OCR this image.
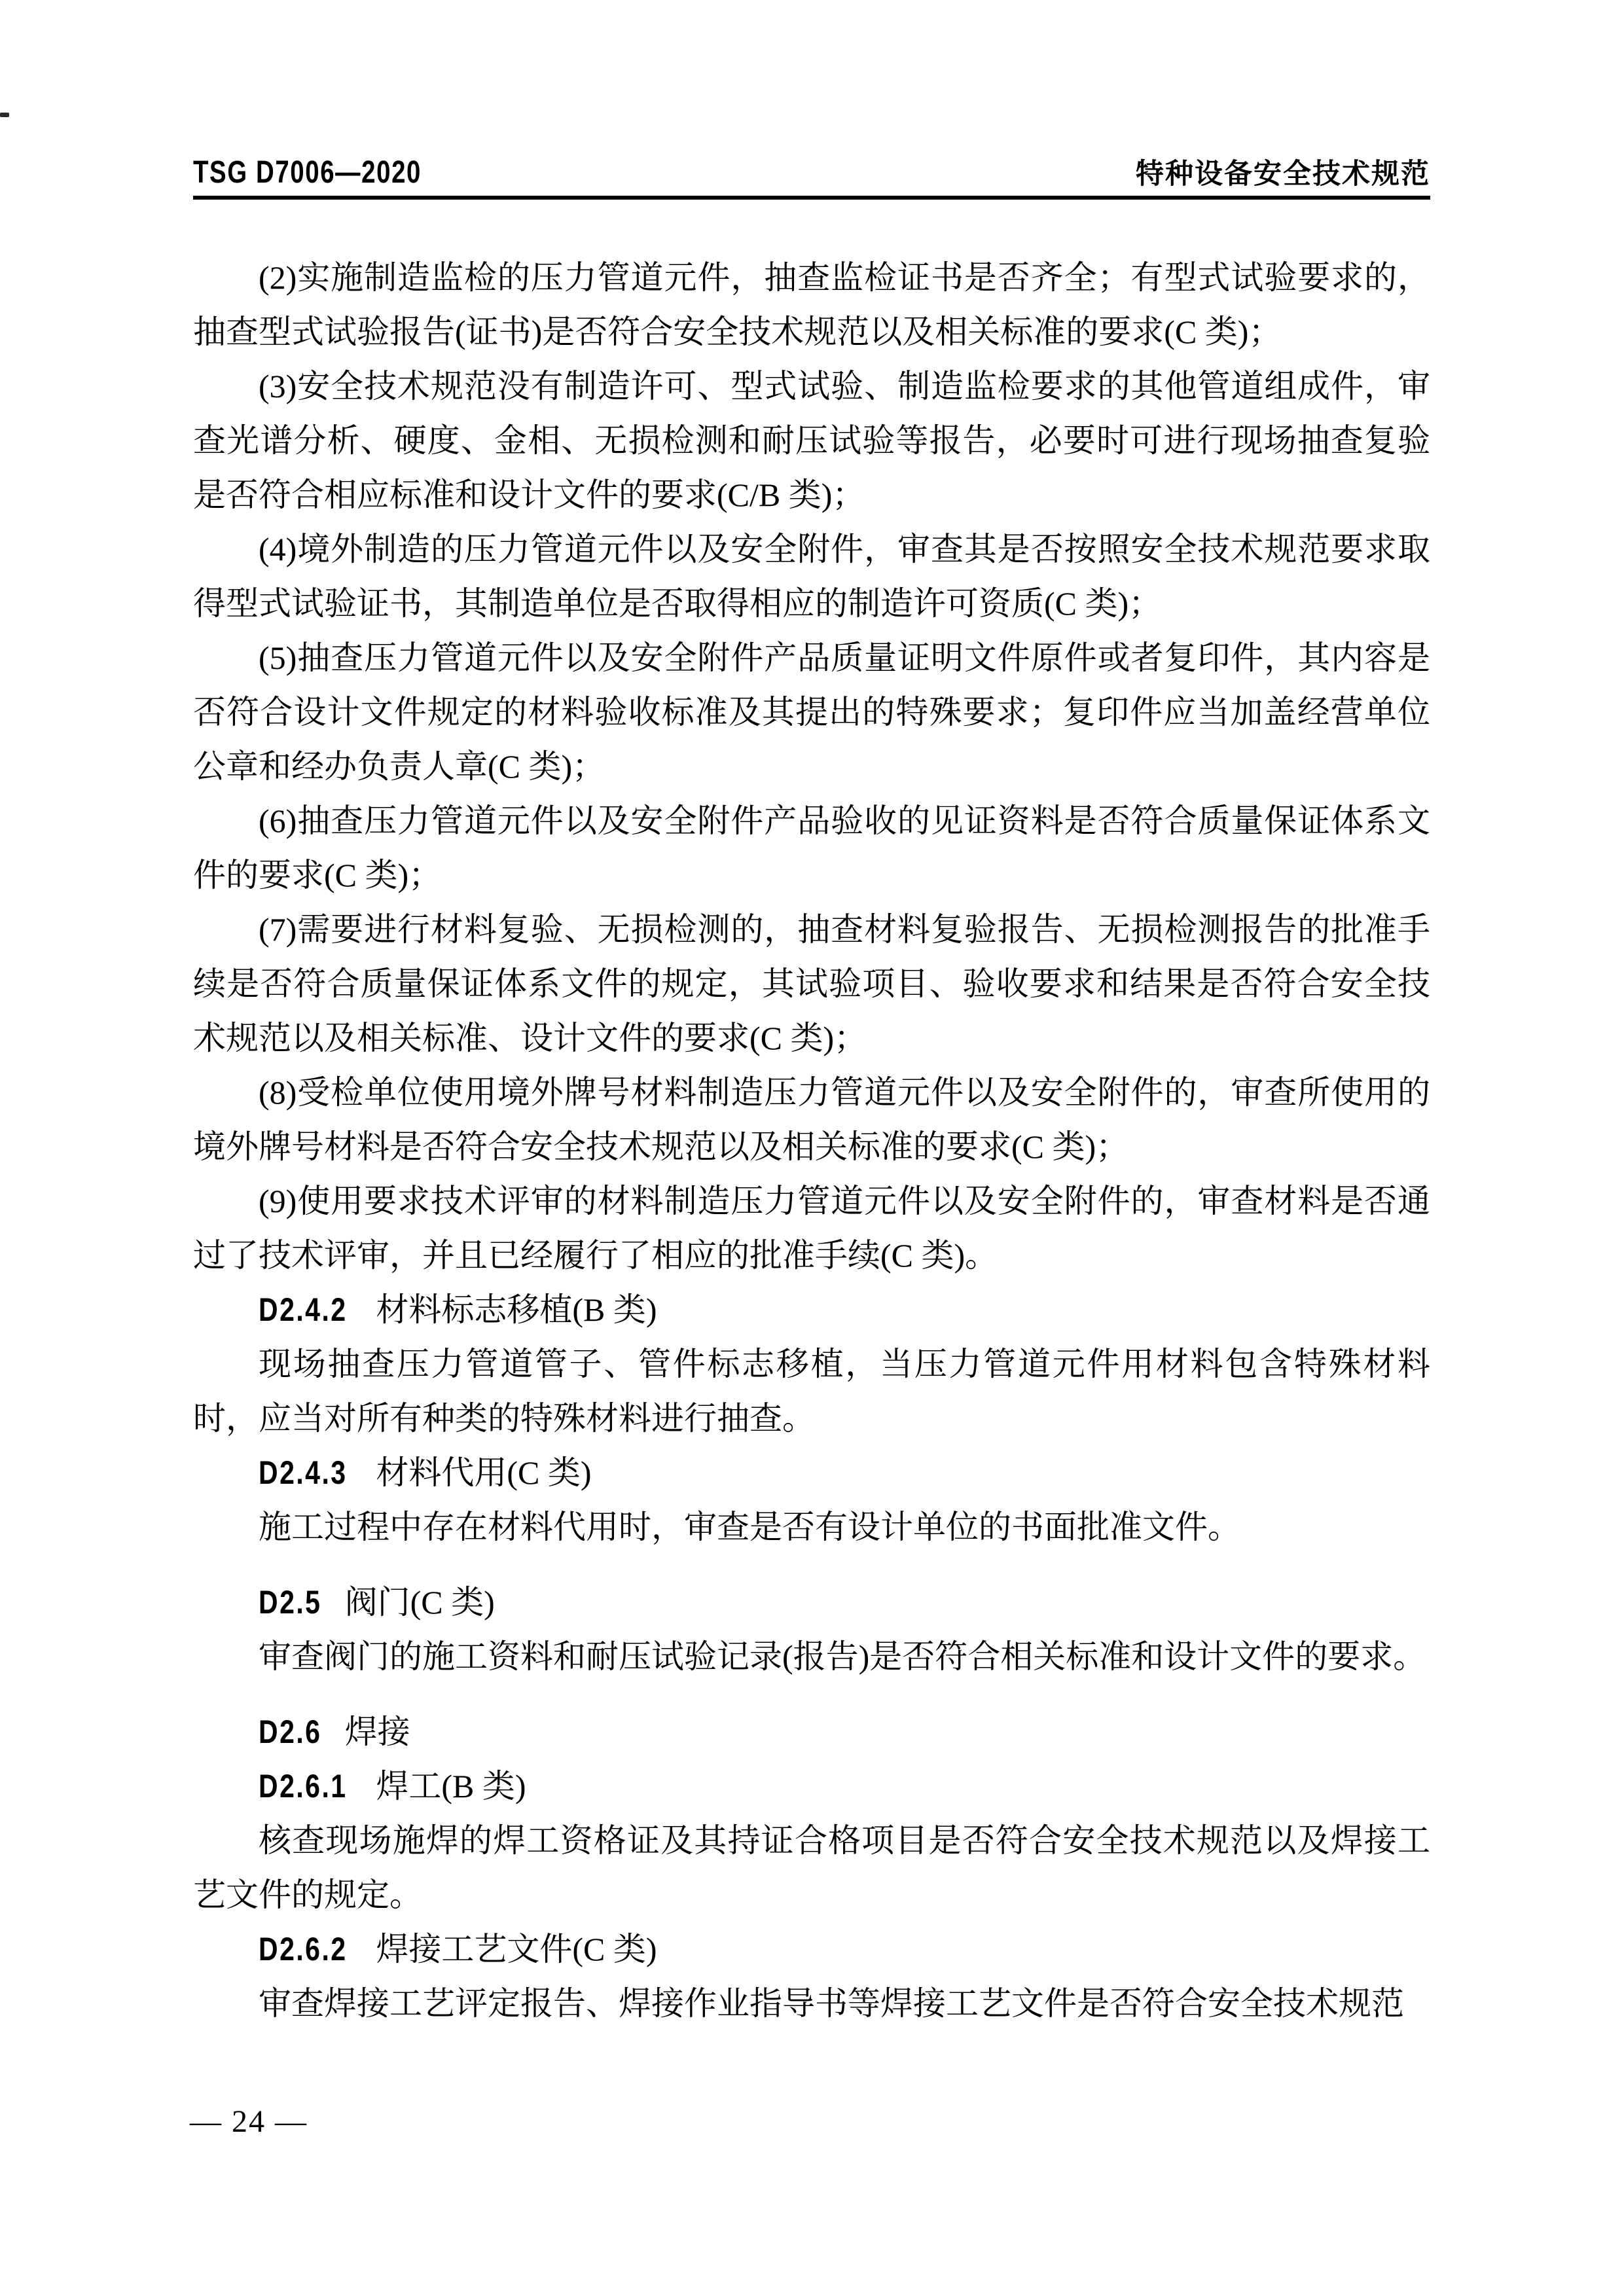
TSG D7006—2020	特种设备安全技术规范

(2)实施制造监检的压力管道元件，抽查监检证书是否齐全；有型式试验要求的，抽查型式试验报告(证书)是否符合安全技术规范以及相关标准的要求(C 类)；

(3)安全技术规范没有制造许可、型式试验、制造监检要求的其他管道组成件，审查光谱分析、硬度、金相、无损检测和耐压试验等报告，必要时可进行现场抽查复验是否符合相应标准和设计文件的要求(C/B 类)；

(4)境外制造的压力管道元件以及安全附件，审查其是否按照安全技术规范要求取得型式试验证书，其制造单位是否取得相应的制造许可资质(C 类)；

(5)抽查压力管道元件以及安全附件产品质量证明文件原件或者复印件，其内容是否符合设计文件规定的材料验收标准及其提出的特殊要求；复印件应当加盖经营单位公章和经办负责人章(C 类)；

(6)抽查压力管道元件以及安全附件产品验收的见证资料是否符合质量保证体系文件的要求(C 类)；

(7)需要进行材料复验、无损检测的，抽查材料复验报告、无损检测报告的批准手续是否符合质量保证体系文件的规定，其试验项目、验收要求和结果是否符合安全技术规范以及相关标准、设计文件的要求(C 类)；

(8)受检单位使用境外牌号材料制造压力管道元件以及安全附件的，审查所使用的境外牌号材料是否符合安全技术规范以及相关标准的要求(C 类)；

(9)使用要求技术评审的材料制造压力管道元件以及安全附件的，审查材料是否通过了技术评审，并且已经履行了相应的批准手续(C 类)。

D2.4.2 材料标志移植(B 类)

现场抽查压力管道管子、管件标志移植，当压力管道元件用材料包含特殊材料时，应当对所有种类的特殊材料进行抽查。

D2.4.3 材料代用(C 类)

施工过程中存在材料代用时，审查是否有设计单位的书面批准文件。

D2.5 阀门(C 类)

审查阀门的施工资料和耐压试验记录(报告)是否符合相关标准和设计文件的要求。

D2.6 焊接
D2.6.1 焊工(B 类)

核查现场施焊的焊工资格证及其持证合格项目是否符合安全技术规范以及焊接工艺文件的规定。

D2.6.2 焊接工艺文件(C 类)

审查焊接工艺评定报告、焊接作业指导书等焊接工艺文件是否符合安全技术规范

— 24 —
